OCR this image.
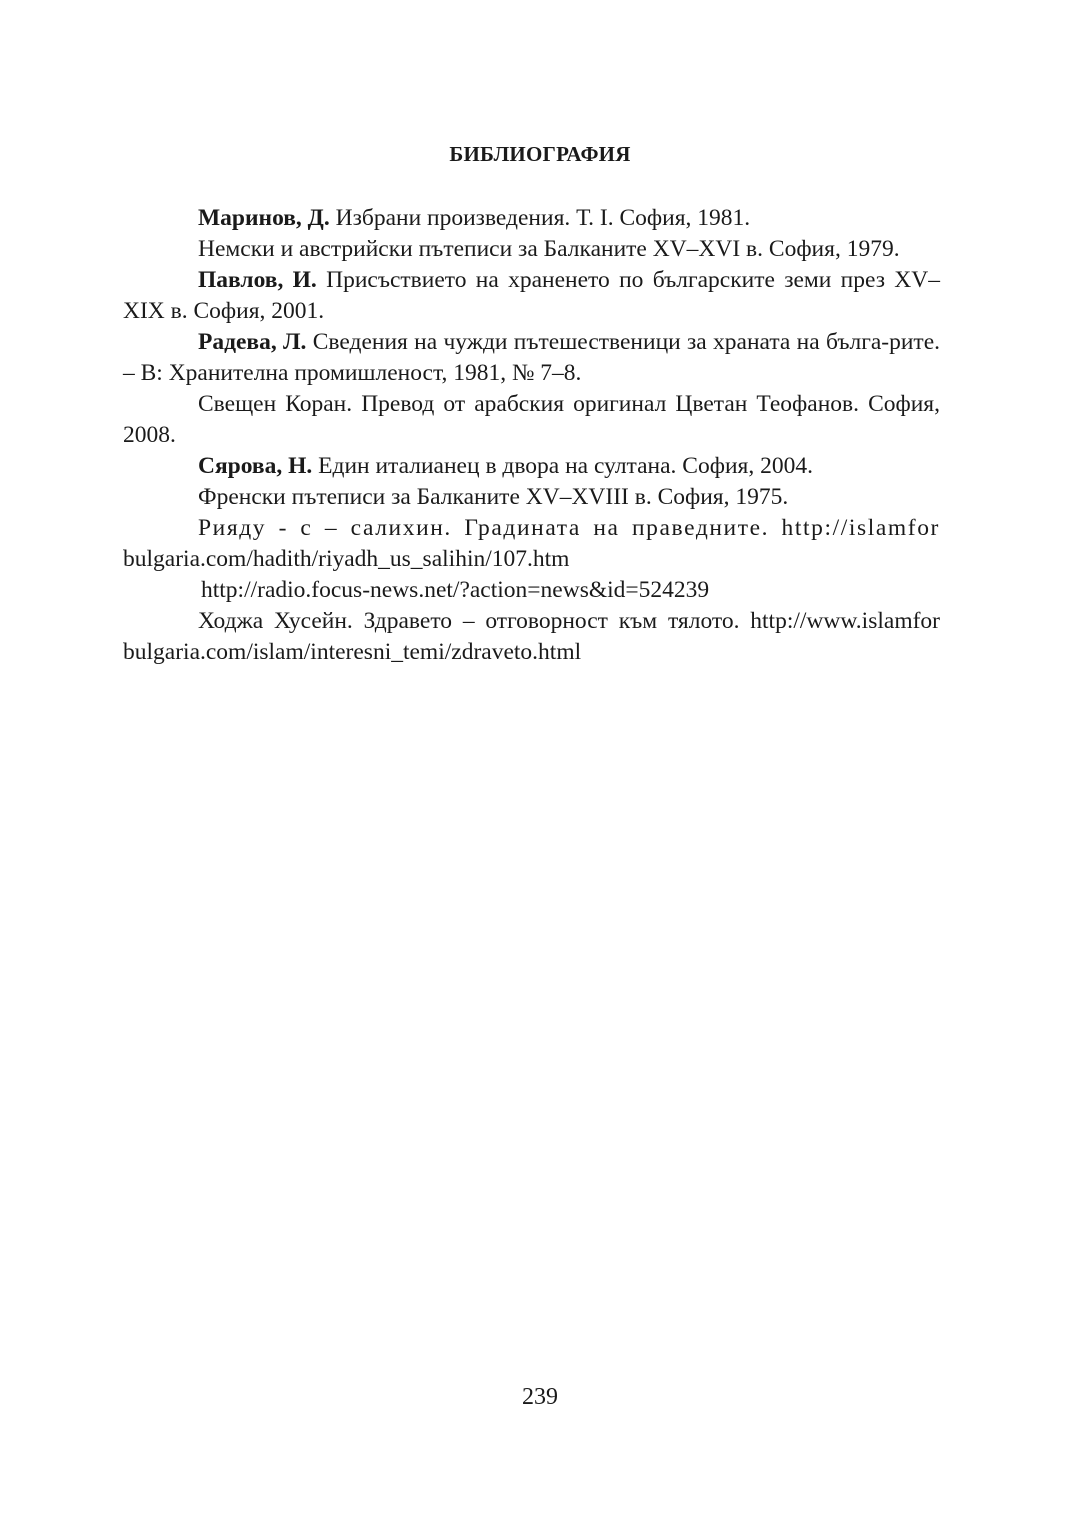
БИБЛИОГРАФИЯ

Маринов, Д. Избрани произведения. Т. I. София, 1981.

Немски и австрийски пътеписи за Балканите XV–XVI в. София, 1979.

Павлов, И. Присъствието на храненето по българските земи през XV–XIX в. София, 2001.

Радева, Л. Сведения на чужди пътешественици за храната на бълга-рите. – В: Хранителна промишленост, 1981, № 7–8.

Свещен Коран. Превод от арабския оригинал Цветан Теофанов. София, 2008.

Сярова, Н. Един италианец в двора на султана. София, 2004.

Френски пътеписи за Балканите XV–XVIII в. София, 1975.

Рияду - с – салихин. Градината на праведните. http://islamfor

bulgaria.com/hadith/riyadh_us_salihin/107.htm

http://radio.focus-news.net/?action=news&id=524239

Ходжа Хусейн. Здравето – отговорност към тялото. http://www.islamfor

bulgaria.com/islam/interesni_temi/zdraveto.html

239
